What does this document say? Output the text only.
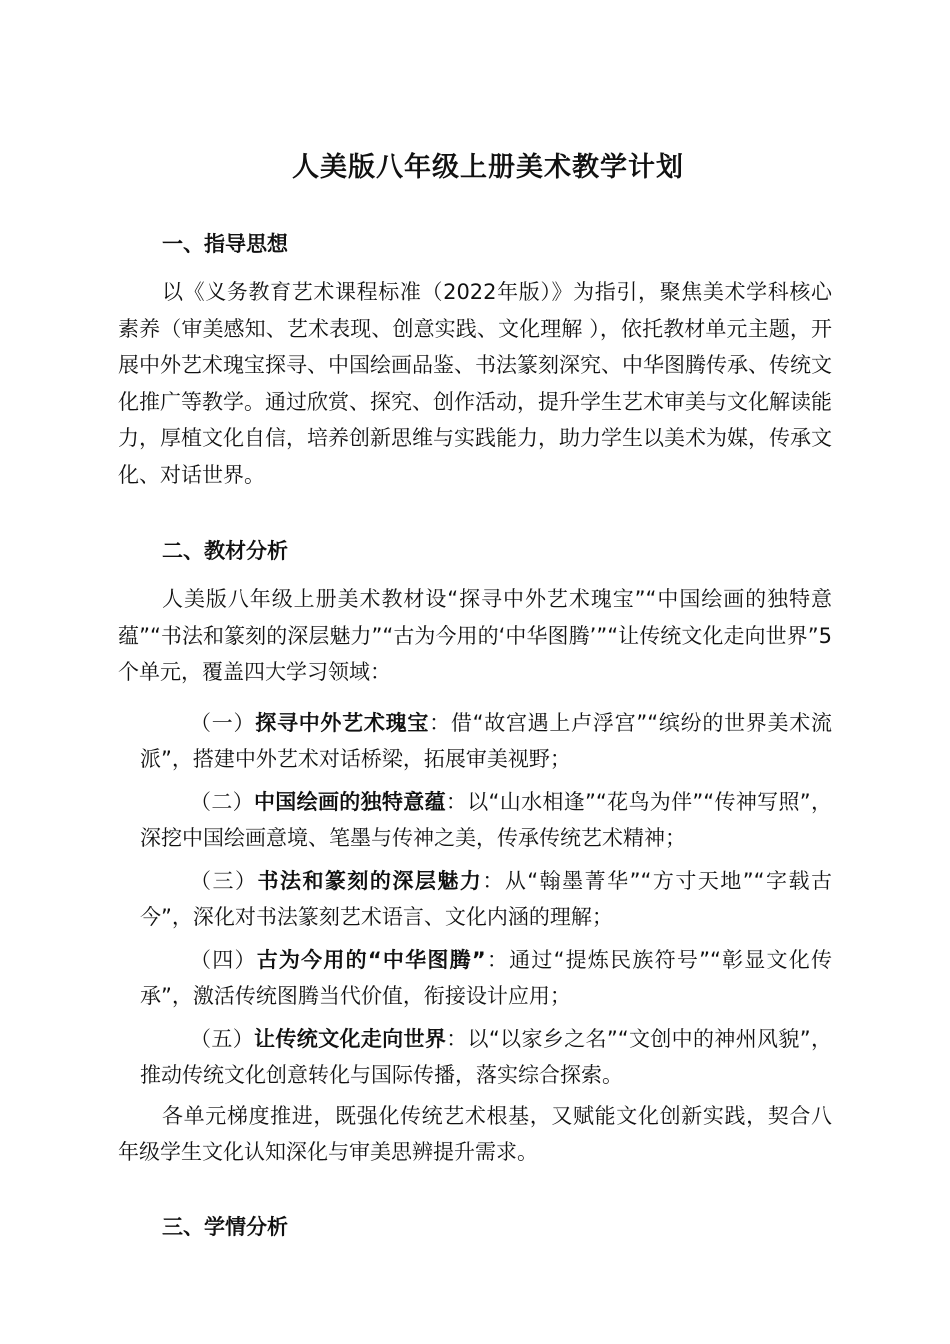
人美版八年级上册美术教学计划
一、指导思想

以《义务教育艺术课程标准（2022年版）》为指引，聚焦美术学科核心素养（审美感知、艺术表现、创意实践、文化理解 ），依托教材单元主题，开展中外艺术瑰宝探寻、中国绘画品鉴、书法篆刻深究、中华图腾传承、传统文化推广等教学。通过欣赏、探究、创作活动，提升学生艺术审美与文化解读能力，厚植文化自信，培养创新思维与实践能力，助力学生以美术为媒，传承文化、对话世界。

二、教材分析

人美版八年级上册美术教材设“探寻中外艺术瑰宝”“中国绘画的独特意蕴”“书法和篆刻的深层魅力”“古为今用的‘中华图腾’”“让传统文化走向世界”5个单元，覆盖四大学习领域：

（一）探寻中外艺术瑰宝：借“故宫遇上卢浮宫”“缤纷的世界美术流派”，搭建中外艺术对话桥梁，拓展审美视野；

（二）中国绘画的独特意蕴：以“山水相逢”“花鸟为伴”“传神写照”，深挖中国绘画意境、笔墨与传神之美，传承传统艺术精神；

（三）书法和篆刻的深层魅力：从“翰墨菁华”“方寸天地”“字载古今”，深化对书法篆刻艺术语言、文化内涵的理解；

（四）古为今用的“中华图腾”：通过“提炼民族符号”“彰显文化传承”，激活传统图腾当代价值，衔接设计应用；

（五）让传统文化走向世界：以“以家乡之名”“文创中的神州风貌”，推动传统文化创意转化与国际传播，落实综合探索。

各单元梯度推进，既强化传统艺术根基，又赋能文化创新实践，契合八年级学生文化认知深化与审美思辨提升需求。

三、学情分析
